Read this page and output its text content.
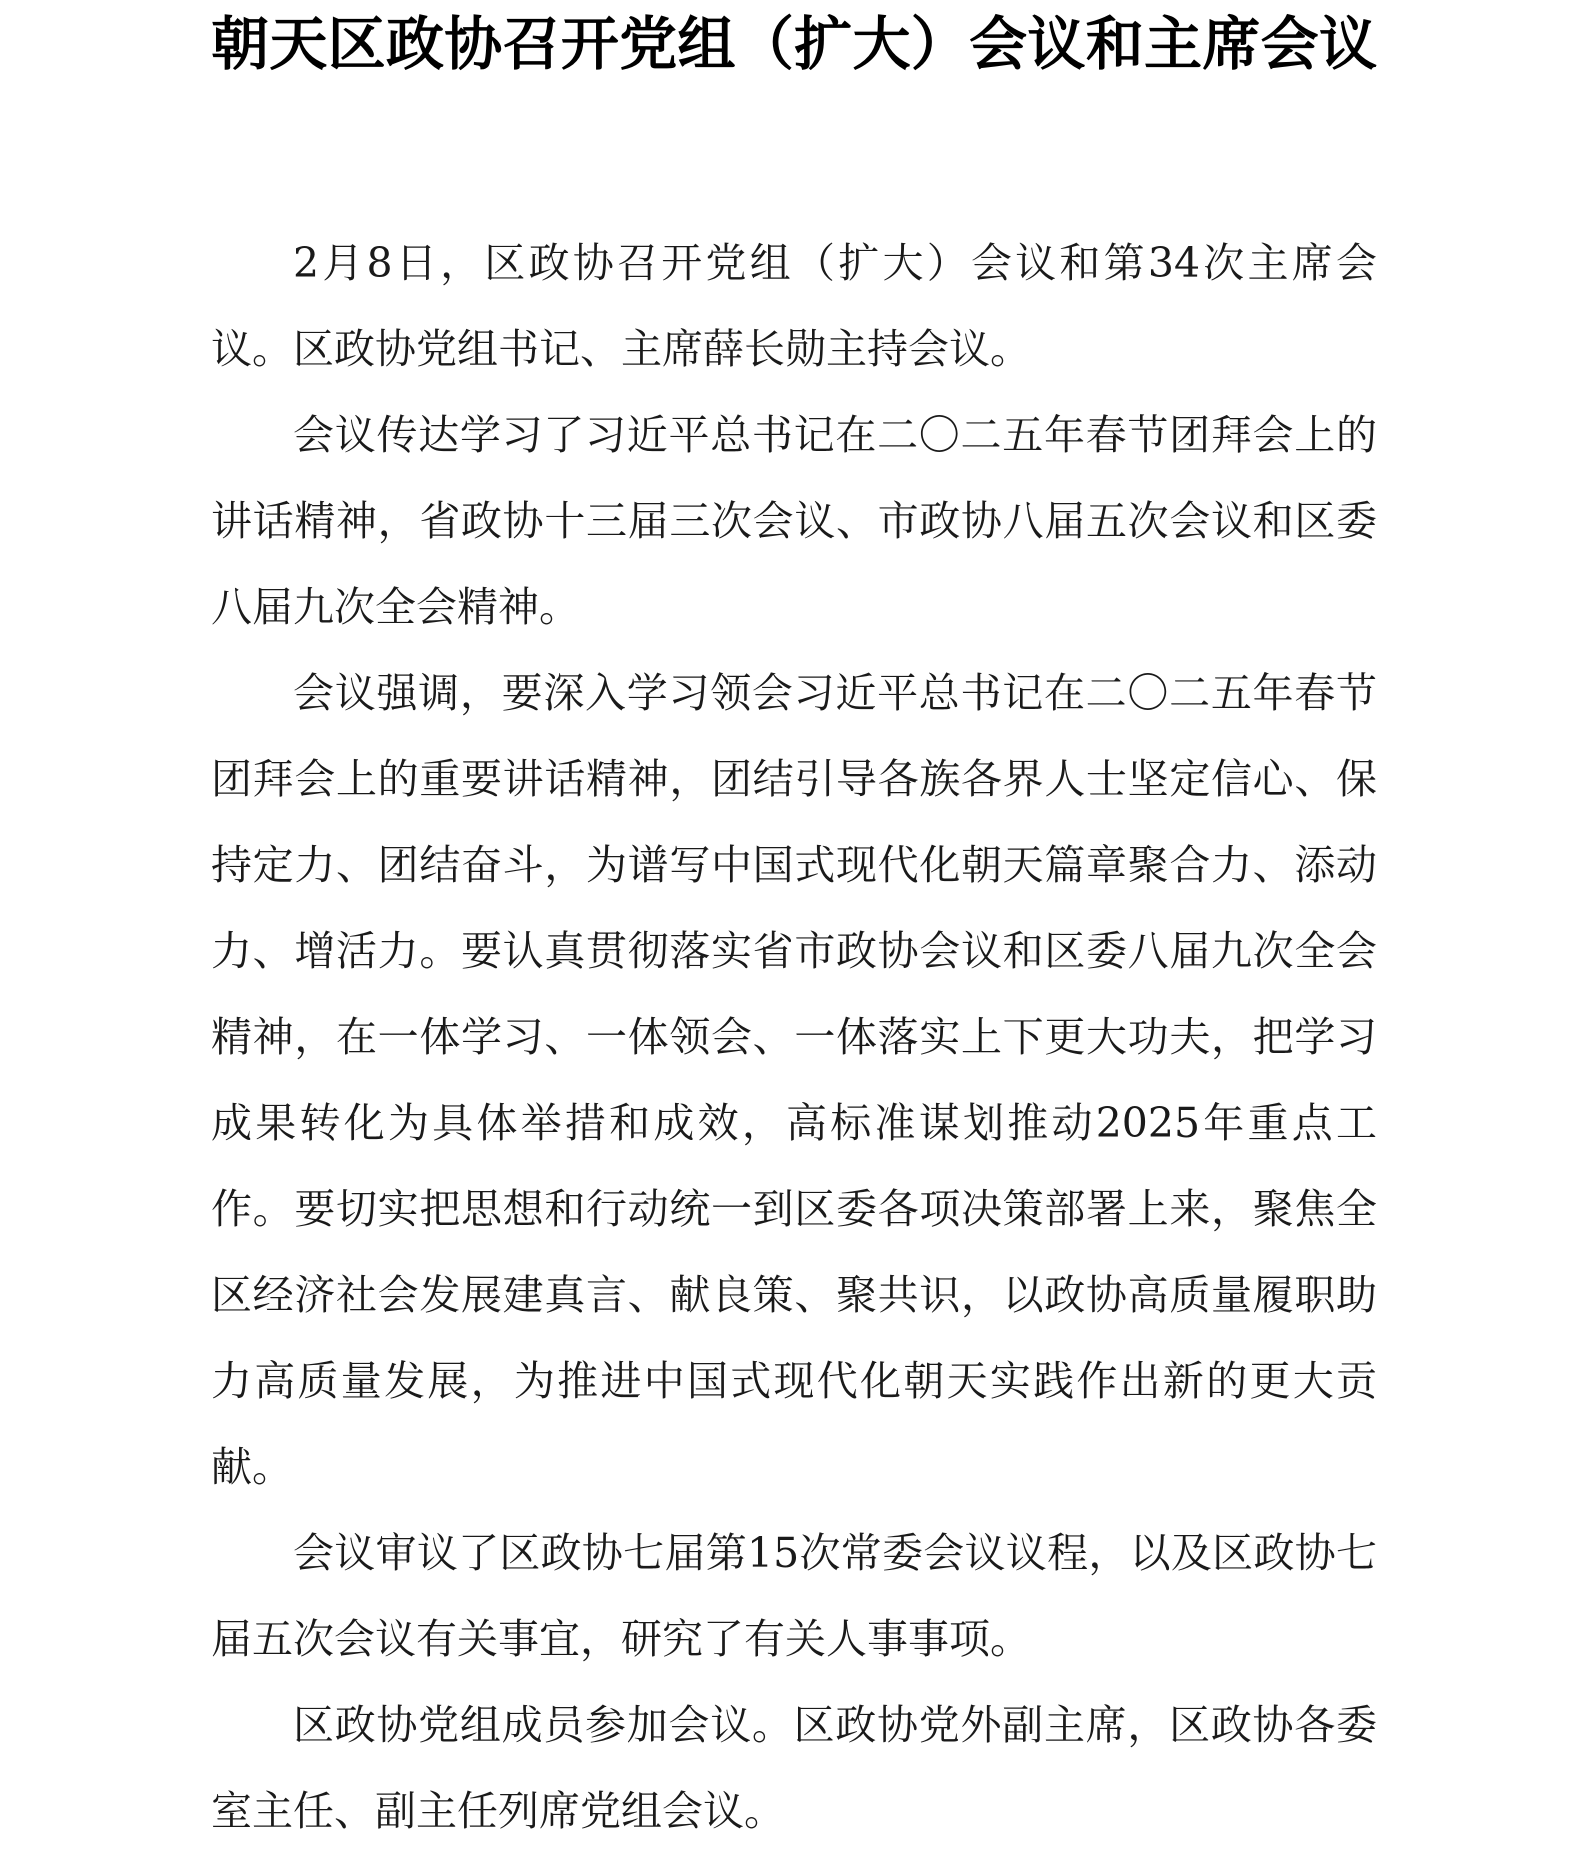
朝天区政协召开党组（扩大）会议和主席会议

2月8日，区政协召开党组（扩大）会议和第34次主席会议。区政协党组书记、主席薛长勋主持会议。

会议传达学习了习近平总书记在二〇二五年春节团拜会上的讲话精神，省政协十三届三次会议、市政协八届五次会议和区委八届九次全会精神。

会议强调，要深入学习领会习近平总书记在二〇二五年春节团拜会上的重要讲话精神，团结引导各族各界人士坚定信心、保持定力、团结奋斗，为谱写中国式现代化朝天篇章聚合力、添动力、增活力。要认真贯彻落实省市政协会议和区委八届九次全会精神，在一体学习、一体领会、一体落实上下更大功夫，把学习成果转化为具体举措和成效，高标准谋划推动2025年重点工作。要切实把思想和行动统一到区委各项决策部署上来，聚焦全区经济社会发展建真言、献良策、聚共识，以政协高质量履职助力高质量发展，为推进中国式现代化朝天实践作出新的更大贡献。

会议审议了区政协七届第15次常委会议议程，以及区政协七届五次会议有关事宜，研究了有关人事事项。

区政协党组成员参加会议。区政协党外副主席，区政协各委室主任、副主任列席党组会议。
